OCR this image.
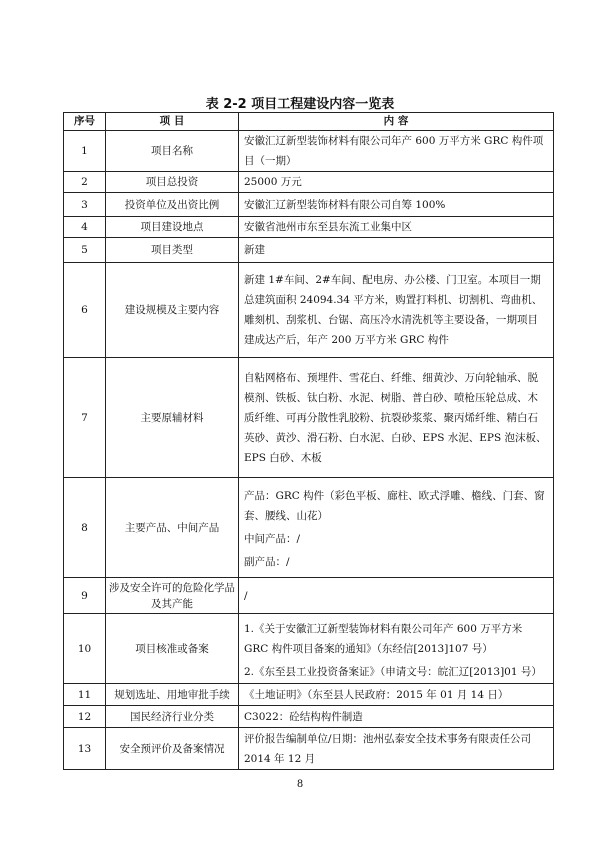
表 2-2 项目工程建设内容一览表
序号	项 目	内 容
1	项目名称	安徽汇辽新型装饰材料有限公司年产 600 万平方米 GRC 构件项目（一期）
2	项目总投资	25000 万元
3	投资单位及出资比例	安徽汇辽新型装饰材料有限公司自筹 100%
4	项目建设地点	安徽省池州市东至县东流工业集中区
5	项目类型	新建
6	建设规模及主要内容	新建 1#车间、2#车间、配电房、办公楼、门卫室。本项目一期总建筑面积 24094.34 平方米，购置打料机、切割机、弯曲机、雕刻机、刮浆机、台锯、高压冷水清洗机等主要设备，一期项目建成达产后，年产 200 万平方米 GRC 构件
7	主要原辅材料	自粘网格布、预埋件、雪花白、纤维、细黄沙、万向轮轴承、脱模剂、铁板、钛白粉、水泥、树脂、普白砂、喷枪压轮总成、木质纤维、可再分散性乳胶粉、抗裂砂浆浆、聚丙烯纤维、精白石英砂、黄沙、滑石粉、白水泥、白砂、EPS 水泥、EPS 泡沫板、EPS 白砂、木板
8	主要产品、中间产品	产品：GRC 构件（彩色平板、廊柱、欧式浮雕、檐线、门套、窗套、腰线、山花）
中间产品：/
副产品：/

9	涉及安全许可的危险化学品及其产能	/
10	项目核准或备案	1.《关于安徽汇辽新型装饰材料有限公司年产 600 万平方米 GRC 构件项目备案的通知》（东经信[2013]107 号）
2.《东至县工业投资备案证》（申请文号：皖汇辽[2013]01 号）

11	规划选址、用地审批手续	《土地证明》（东至县人民政府：2015 年 01 月 14 日）
12	国民经济行业分类	C3022：砼结构构件制造
13	安全预评价及备案情况	评价报告编制单位/日期：池州弘泰安全技术事务有限责任公司 2014 年 12 月
8
